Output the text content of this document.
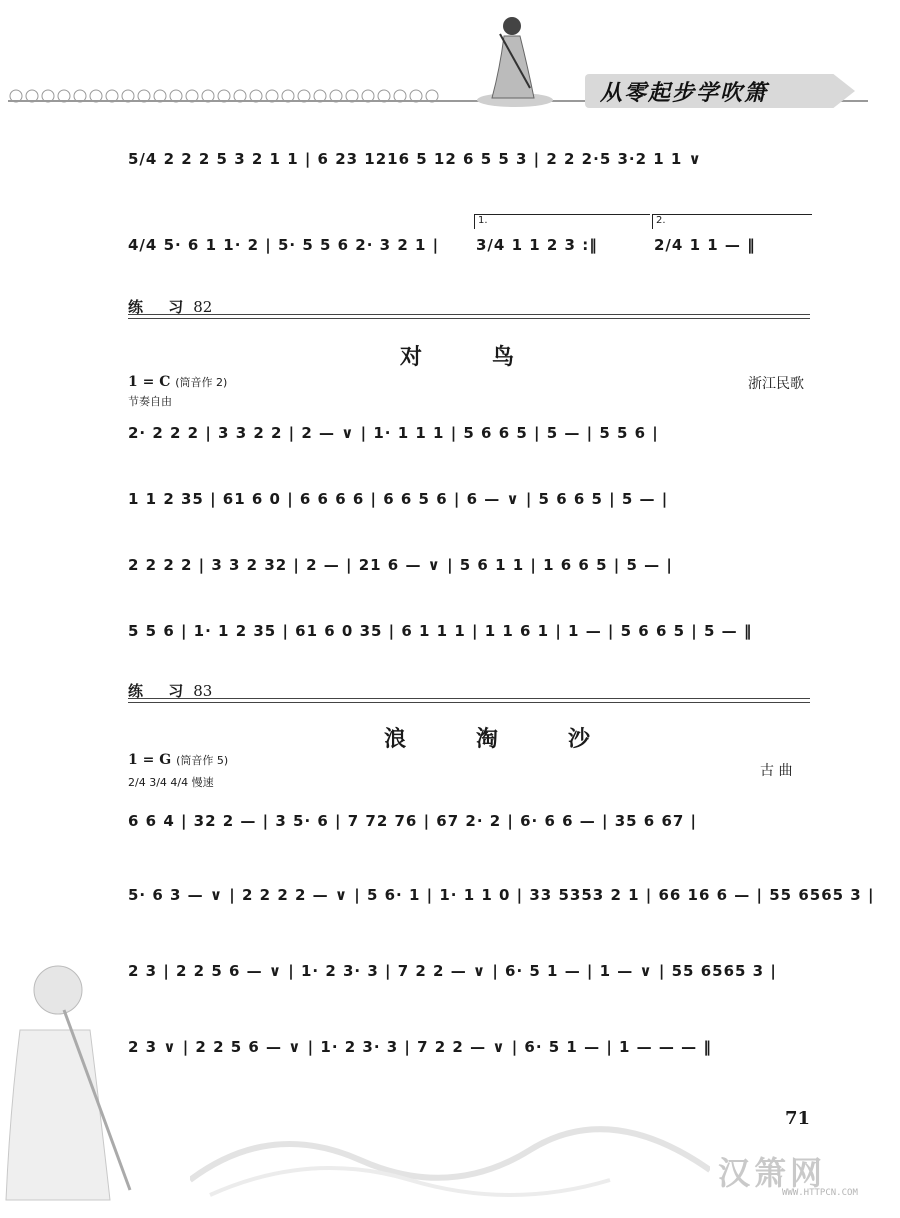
从零起步学吹箫
5/4 2 2 2 5 3 2 1 1 | 6 23 1216 5 12 6 5 5 3 | 2 2 2·5 3·2 1 1 ∨
1.	2.
4/4 5· 6 1 1· 2 | 5· 5 5 6 2· 3 2 1 |	3/4 1 1 2 3 :‖	2/4 1 1 — ‖
练 习82
对鸟
1 = C (筒音作 2)
节奏自由
浙江民歌
2· 2 2 2 | 3 3 2 2 | 2 — ∨ | 1· 1 1 1 | 5 6 6 5 | 5 — | 5 5 6 |
1 1 2 35 | 61 6 0 | 6 6 6 6 | 6 6 5 6 | 6 — ∨ | 5 6 6 5 | 5 — |
2 2 2 2 | 3 3 2 32 | 2 — | 21 6 — ∨ | 5 6 1 1 | 1 6 6 5 | 5 — |
5 5 6 | 1· 1 2 35 | 61 6 0 35 | 6 1 1 1 | 1 1 6 1 | 1 — | 5 6 6 5 | 5 — ‖
练 习83
浪淘沙
1 = G (筒音作 5)
2/4 3/4 4/4 慢速
古 曲
6 6 4 | 32 2 — | 3 5· 6 | 7 72 76 | 67 2· 2 | 6· 6 6 — | 35 6 67 |
5· 6 3 — ∨ | 2 2 2 2 — ∨ | 5 6· 1 | 1· 1 1 0 | 33 5353 2 1 | 66 16 6 — | 55 6565 3 |
2 3 | 2 2 5 6 — ∨ | 1· 2 3· 3 | 7 2 2 — ∨ | 6· 5 1 — | 1 — ∨ | 55 6565 3 |
2 3 ∨ | 2 2 5 6 — ∨ | 1· 2 3· 3 | 7 2 2 — ∨ | 6· 5 1 — | 1 — — — ‖
71
汉箫网
WWW.HTTPCN.COM
